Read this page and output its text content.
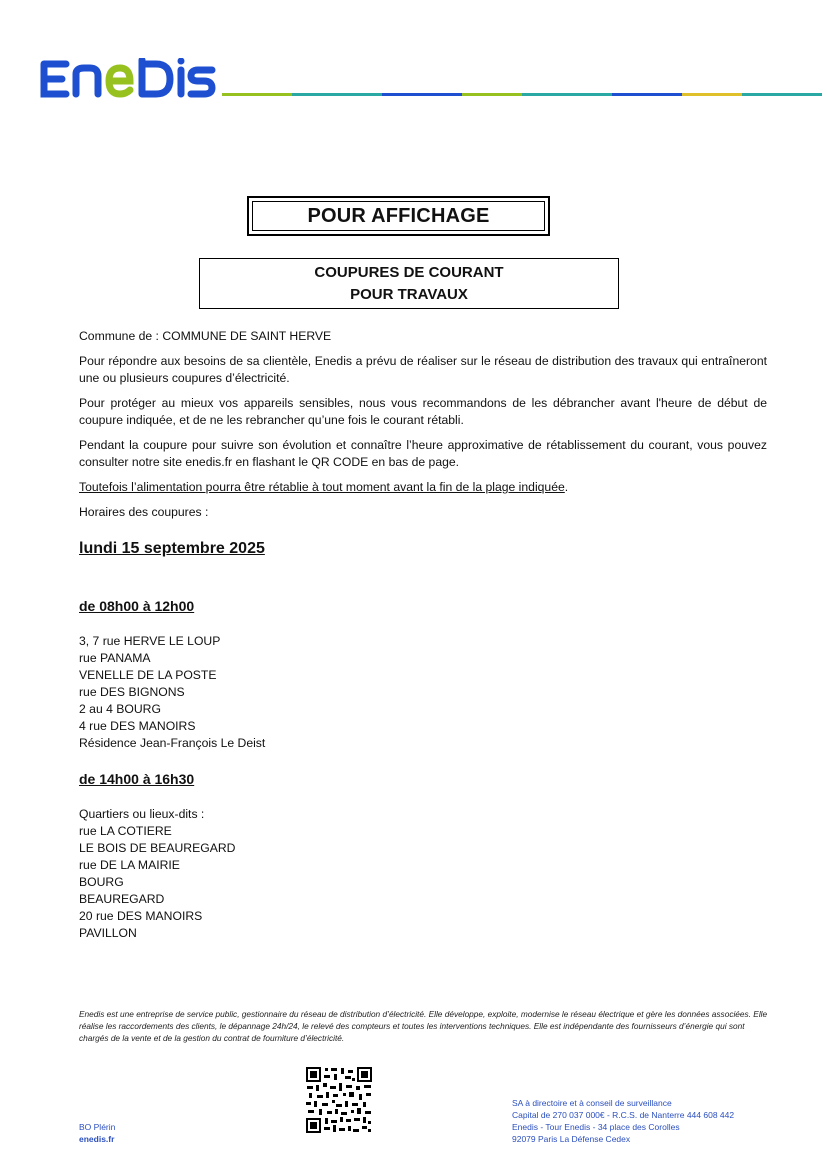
POUR AFFICHAGE
COUPURES DE COURANT
POUR TRAVAUX

Commune de : COMMUNE DE SAINT HERVE

Pour répondre aux besoins de sa clientèle, Enedis a prévu de réaliser sur le réseau de distribution des travaux qui entraîneront une ou plusieurs coupures d’électricité.

Pour protéger au mieux vos appareils sensibles, nous vous recommandons de les débrancher avant l'heure de début de coupure indiquée, et de ne les rebrancher qu’une fois le courant rétabli.

Pendant la coupure pour suivre son évolution et connaître l’heure approximative de rétablissement du courant, vous pouvez consulter notre site enedis.fr en flashant le QR CODE en bas de page.

Toutefois l’alimentation pourra être rétablie à tout moment avant la fin de la plage indiquée.

Horaires des coupures :

lundi 15 septembre 2025
de 08h00 à 12h00
3, 7 rue HERVE LE LOUP
rue PANAMA
VENELLE DE LA POSTE
rue DES BIGNONS
2 au 4 BOURG
4 rue DES MANOIRS
Résidence Jean-François Le Deist
de 14h00 à 16h30
Quartiers ou lieux-dits :
rue LA COTIERE
LE BOIS DE BEAUREGARD
rue DE LA MAIRIE
BOURG
BEAUREGARD
20 rue DES MANOIRS
PAVILLON
Enedis est une entreprise de service public, gestionnaire du réseau de distribution d’électricité. Elle développe, exploite, modernise le réseau électrique et gère les données associées. Elle réalise les raccordements des clients, le dépannage 24h/24, le relevé des compteurs et toutes les interventions techniques. Elle est indépendante des fournisseurs d’énergie qui sont chargés de la vente et de la gestion du contrat de fourniture d’électricité.
BO Plérin
enedis.fr
SA à directoire et à conseil de surveillance
Capital de 270 037 000€ - R.C.S. de Nanterre 444 608 442
Enedis - Tour Enedis - 34 place des Corolles
92079 Paris La Défense Cedex
